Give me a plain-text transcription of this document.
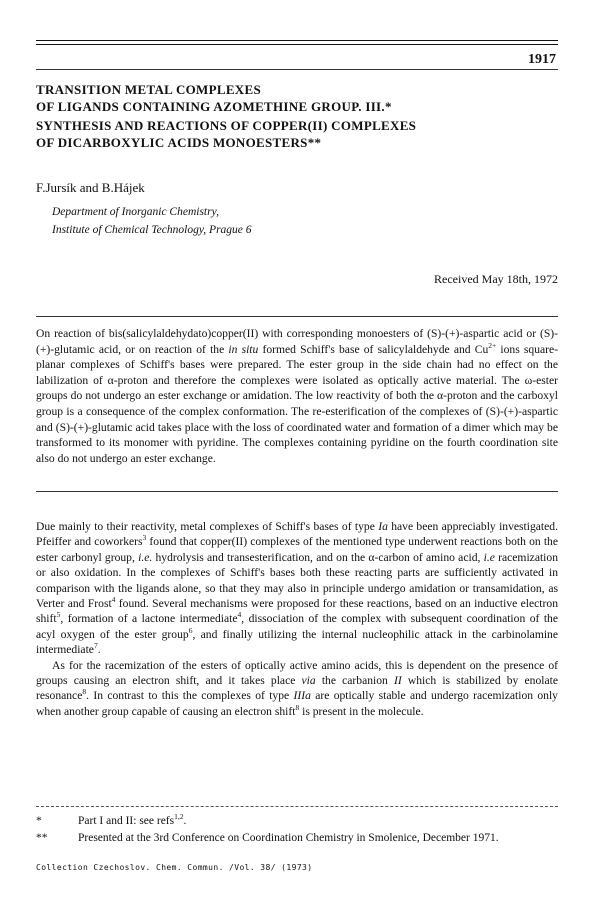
1917
TRANSITION METAL COMPLEXES
OF LIGANDS CONTAINING AZOMETHINE GROUP. III.*
SYNTHESIS AND REACTIONS OF COPPER(II) COMPLEXES
OF DICARBOXYLIC ACIDS MONOESTERS**
F.Jursík and B.Hájek
Department of Inorganic Chemistry,
Institute of Chemical Technology, Prague 6
Received May 18th, 1972
On reaction of bis(salicylaldehydato)copper(II) with corresponding monoesters of (S)-(+)-aspartic acid or (S)-(+)-glutamic acid, or on reaction of the in situ formed Schiff's base of salicylaldehyde and $Cu^{2+}$ ions square-planar complexes of Schiff's bases were prepared. The ester group in the side chain had no effect on the labilization of α-proton and therefore the complexes were isolated as optically active material. The ω-ester groups do not undergo an ester exchange or amidation. The low reactivity of both the α-proton and the carboxyl group is a consequence of the complex conformation. The re-esterification of the complexes of (S)-(+)-aspartic and (S)-(+)-glutamic acid takes place with the loss of coordinated water and formation of a dimer which may be transformed to its monomer with pyridine. The complexes containing pyridine on the fourth coordination site also do not undergo an ester exchange.

Due mainly to their reactivity, metal complexes of Schiff's bases of type Ia have been appreciably investigated. Pfeiffer and coworkers$^3$ found that copper(II) complexes of the mentioned type underwent reactions both on the ester carbonyl group, i.e. hydrolysis and transesterification, and on the α-carbon of amino acid, i.e racemization or also oxidation. In the complexes of Schiff's bases both these reacting parts are sufficiently activated in comparison with the ligands alone, so that they may also in principle undergo amidation or transamidation, as Verter and Frost$^4$ found. Several mechanisms were proposed for these reactions, based on an inductive electron shift$^5$, formation of a lactone intermediate$^4$, dissociation of the complex with subsequent coordination of the acyl oxygen of the ester group$^6$, and finally utilizing the internal nucleophilic attack in the carbinolamine intermediate$^7$.

As for the racemization of the esters of optically active amino acids, this is dependent on the presence of groups causing an electron shift, and it takes place via the carbanion II which is stabilized by enolate resonance$^8$. In contrast to this the complexes of type IIIa are optically stable and undergo racemization only when another group capable of causing an electron shift$^8$ is present in the molecule.

*	Part I and II: see refs$^{1,2}$.
**	Presented at the 3rd Conference on Coordination Chemistry in Smolenice, December 1971.
Collection Czechoslov. Chem. Commun. /Vol. 38/ (1973)
